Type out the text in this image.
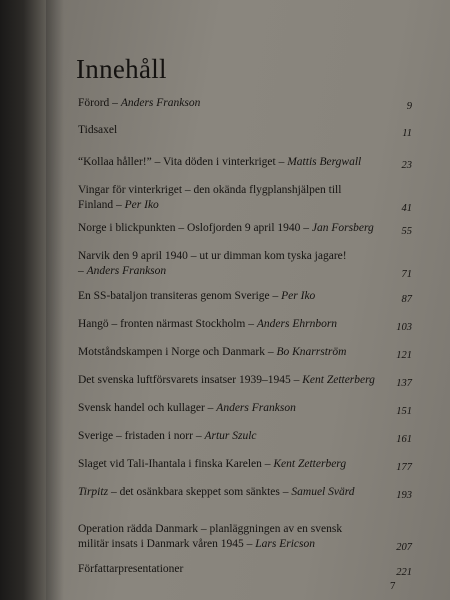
Innehåll
Förord – Anders Frankson	9
Tidsaxel	11
“Kollaa håller!” – Vita döden i vinterkriget – Mattis Bergwall	23
Vingar för vinterkriget – den okända flygplanshjälpen till
Finland – Per Iko	41
Norge i blickpunkten – Oslofjorden 9 april 1940 – Jan Forsberg	55
Narvik den 9 april 1940 – ut ur dimman kom tyska jagare!
– Anders Frankson	71
En SS-bataljon transiteras genom Sverige – Per Iko	87
Hangö – fronten närmast Stockholm – Anders Ehrnborn	103
Motståndskampen i Norge och Danmark – Bo Knarrström	121
Det svenska luftförsvarets insatser 1939–1945 – Kent Zetterberg 137
Svensk handel och kullager – Anders Frankson	151
Sverige – fristaden i norr – Artur Szulc	161
Slaget vid Tali-Ihantala i finska Karelen – Kent Zetterberg	177
Tirpitz – det osänkbara skeppet som sänktes – Samuel Svärd	193
Operation rädda Danmark – planläggningen av en svensk
militär insats i Danmark våren 1945 – Lars Ericson	207
Författarpresentationer	221
7
